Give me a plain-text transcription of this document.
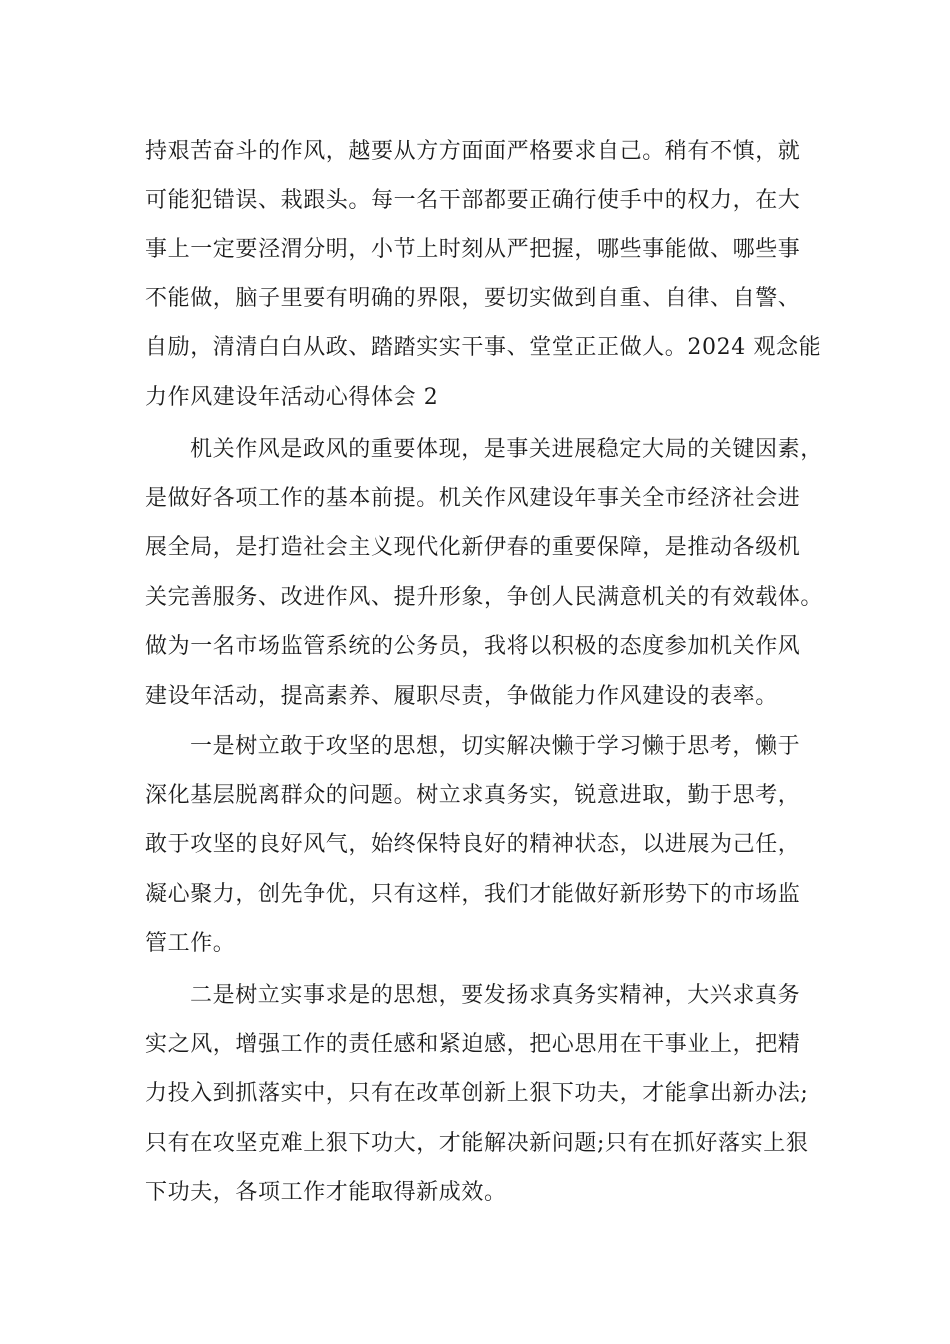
持艰苦奋斗的作风，越要从方方面面严格要求自己。稍有不慎，就
可能犯错误、栽跟头。每一名干部都要正确行使手中的权力，在大
事上一定要泾渭分明，小节上时刻从严把握，哪些事能做、哪些事
不能做，脑子里要有明确的界限，要切实做到自重、自律、自警、
自励，清清白白从政、踏踏实实干事、堂堂正正做人。2024 观念能
力作风建设年活动心得体会 2
机关作风是政风的重要体现，是事关进展稳定大局的关键因素，
是做好各项工作的基本前提。机关作风建设年事关全市经济社会进
展全局，是打造社会主义现代化新伊春的重要保障，是推动各级机
关完善服务、改进作风、提升形象，争创人民满意机关的有效载体。
做为一名市场监管系统的公务员，我将以积极的态度参加机关作风
建设年活动，提高素养、履职尽责，争做能力作风建设的表率。
一是树立敢于攻坚的思想，切实解决懒于学习懒于思考，懒于
深化基层脱离群众的问题。树立求真务实，锐意进取，勤于思考，
敢于攻坚的良好风气，始终保特良好的精神状态，以进展为己任，
凝心聚力，创先争优，只有这样，我们才能做好新形势下的市场监
管工作。
二是树立实事求是的思想，要发扬求真务实精神，大兴求真务
实之风，增强工作的责任感和紧迫感，把心思用在干事业上，把精
力投入到抓落实中，只有在改革创新上狠下功夫，才能拿出新办法;
只有在攻坚克难上狠下功大，才能解决新问题;只有在抓好落实上狠
下功夫，各项工作才能取得新成效。
